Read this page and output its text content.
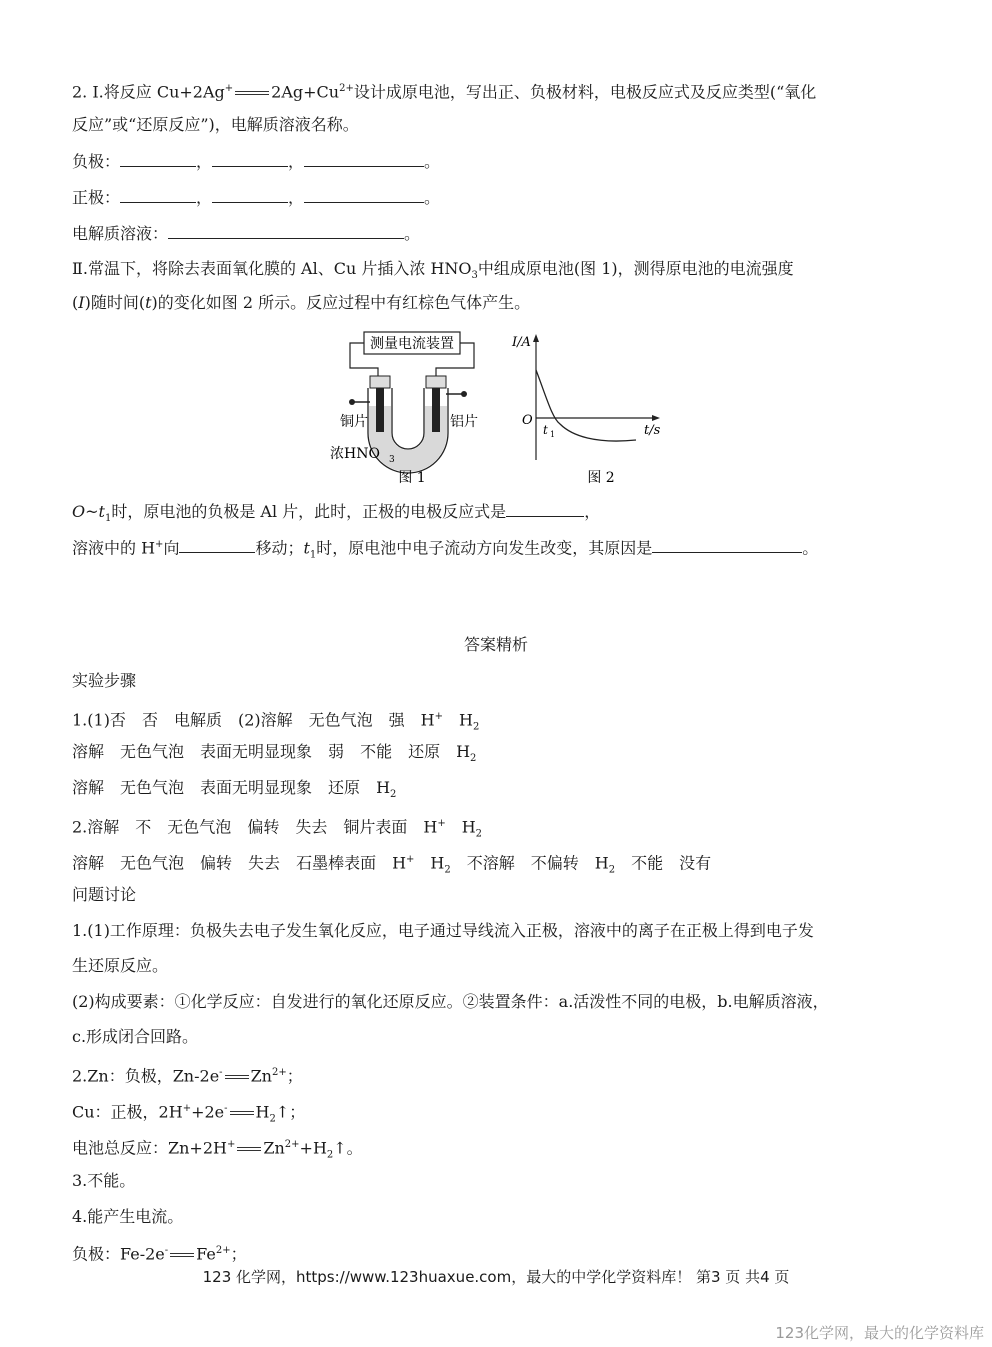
2. Ⅰ.将反应 Cu+2Ag+ $2Ag+Cu^{2+}$设计成原电池，写出正、负极材料，电极反应式及反应类型(“氧化
反应”或“还原反应”)，电解质溶液名称。
负极：	，	，	。
正极：	，	，	。
电解质溶液：	。
Ⅱ.常温下，将除去表面氧化膜的 Al、Cu 片插入浓 $HNO_3$中组成原电池(图 1)，测得原电池的电流强度
(I)随时间(t)的变化如图 2 所示。反应过程中有红棕色气体产生。
测量电流装置
铜片	铝片
浓HNO 3
图 1
I/A
t/s
O
t 1
图 2
$O\sim t_1$时，原电池的负极是 Al 片，此时，正极的电极反应式是	，
溶液中的 H+向	移动；$t_1$时，原电池中电子流动方向发生改变，其原因是	。
答案精析
实验步骤
1.(1)否 否 电解质 (2)溶解 无色气泡 强 H+ $H_2$
溶解 无色气泡 表面无明显现象 弱 不能 还原 $H_2$
溶解 无色气泡 表面无明显现象 还原 $H_2$
2.溶解 不 无色气泡 偏转 失去 铜片表面 H+ $H_2$
溶解 无色气泡 偏转 失去 石墨棒表面 H+ $H_2$ 不溶解 不偏转 $H_2$ 不能 没有
问题讨论
1.(1)工作原理：负极失去电子发生氧化反应，电子通过导线流入正极，溶液中的离子在正极上得到电子发
生还原反应。
(2)构成要素：①化学反应：自发进行的氧化还原反应。②装置条件：a.活泼性不同的电极，b.电解质溶液，
c.形成闭合回路。
2.Zn：负极，Zn-2e- $Zn^{2+}$；
Cu：正极，2H++2e- $H_2↑$；
电池总反应：Zn+2H+ $Zn^{2+}+H_2↑$。
3.不能。
4.能产生电流。
负极：Fe-2e- $Fe^{2+}$；
123 化学网，https://www.123huaxue.com，最大的中学化学资料库！ 第3 页 共4 页
123化学网，最大的化学资料库
